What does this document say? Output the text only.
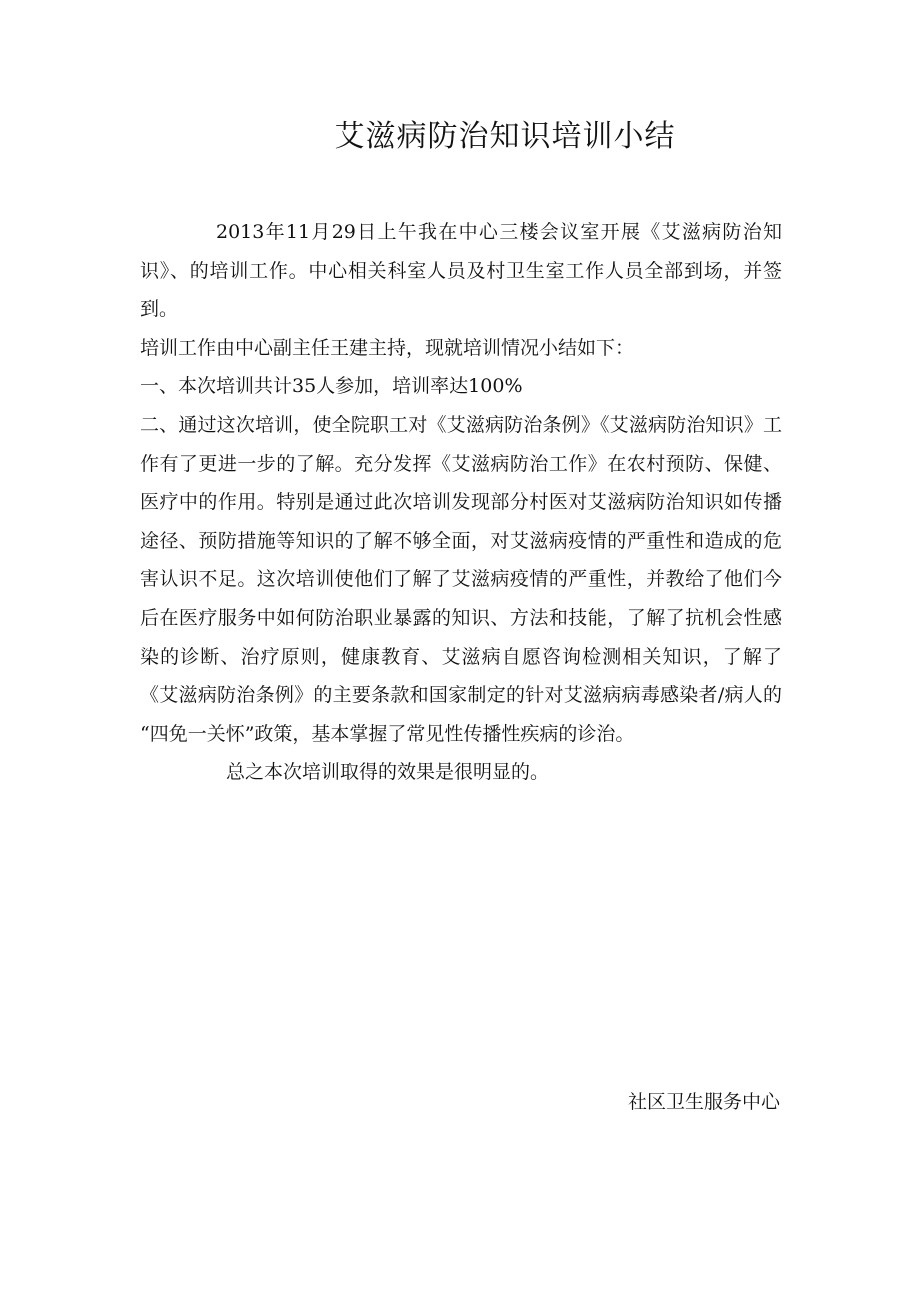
艾滋病防治知识培训小结

2013年11月29日上午我在中心三楼会议室开展《艾滋病防治知识》、的培训工作。中心相关科室人员及村卫生室工作人员全部到场，并签到。

培训工作由中心副主任王建主持，现就培训情况小结如下：

一、本次培训共计35人参加，培训率达100%

二、通过这次培训，使全院职工对《艾滋病防治条例》《艾滋病防治知识》工作有了更进一步的了解。充分发挥《艾滋病防治工作》在农村预防、保健、医疗中的作用。特别是通过此次培训发现部分村医对艾滋病防治知识如传播途径、预防措施等知识的了解不够全面，对艾滋病疫情的严重性和造成的危害认识不足。这次培训使他们了解了艾滋病疫情的严重性，并教给了他们今后在医疗服务中如何防治职业暴露的知识、方法和技能，了解了抗机会性感染的诊断、治疗原则，健康教育、艾滋病自愿咨询检测相关知识，了解了《艾滋病防治条例》的主要条款和国家制定的针对艾滋病病毒感染者/病人的 “四免一关怀”政策，基本掌握了常见性传播性疾病的诊治。

总之本次培训取得的效果是很明显的。

社区卫生服务中心
